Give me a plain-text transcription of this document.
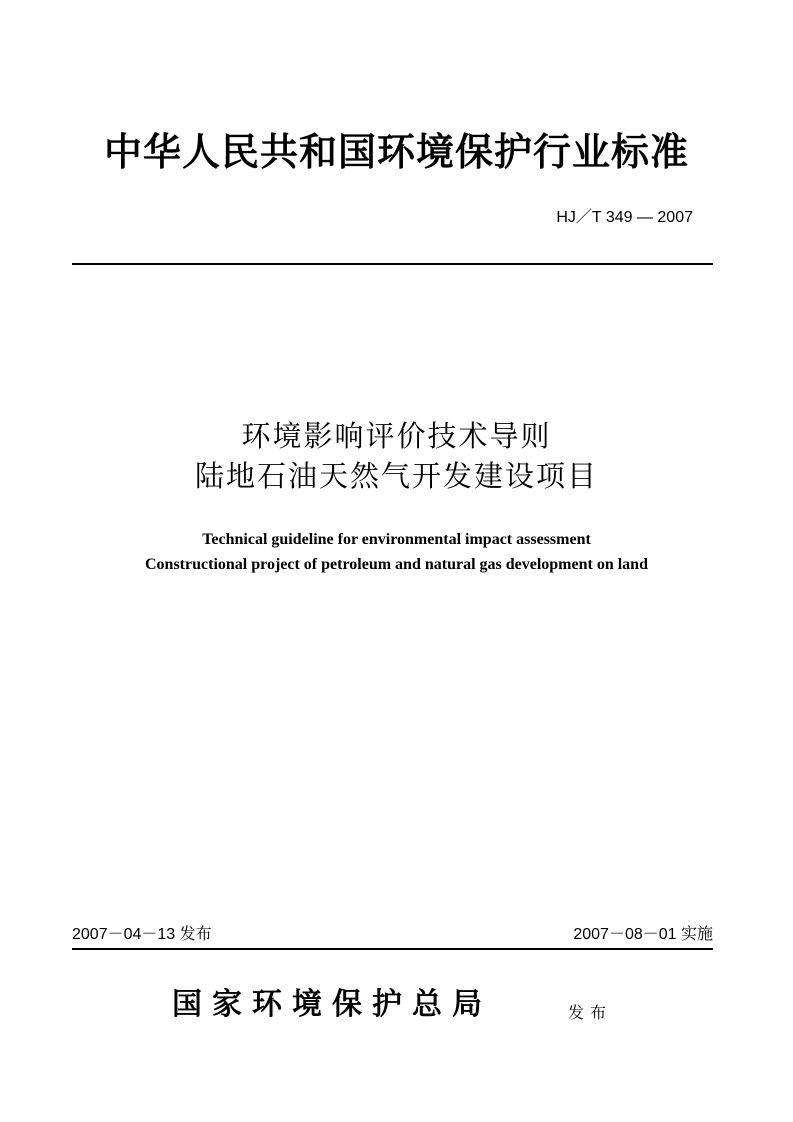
中华人民共和国环境保护行业标准
HJ／T 349 — 2007
环境影响评价技术导则
陆地石油天然气开发建设项目
Technical guideline for environmental impact assessment
Constructional project of petroleum and natural gas development on land
2007－04－13 发布	2007－08－01 实施
国家环境保护总局	发布
